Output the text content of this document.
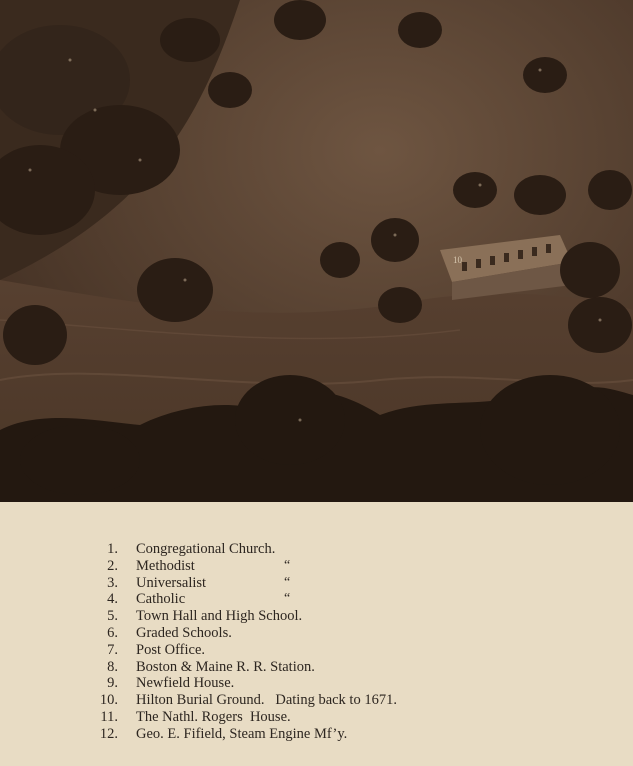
10
1. Congregational Church.
2. Methodist	“
3. Universalist	“
4. Catholic	“
5. Town Hall and High School.
6. Graded Schools.
7. Post Office.
8. Boston & Maine R. R. Station.
9. Newfield House.
10. Hilton Burial Ground.   Dating back to 1671.
11. The Nathl. Rogers  House.
12. Geo. E. Fifield, Steam Engine Mf’y.
